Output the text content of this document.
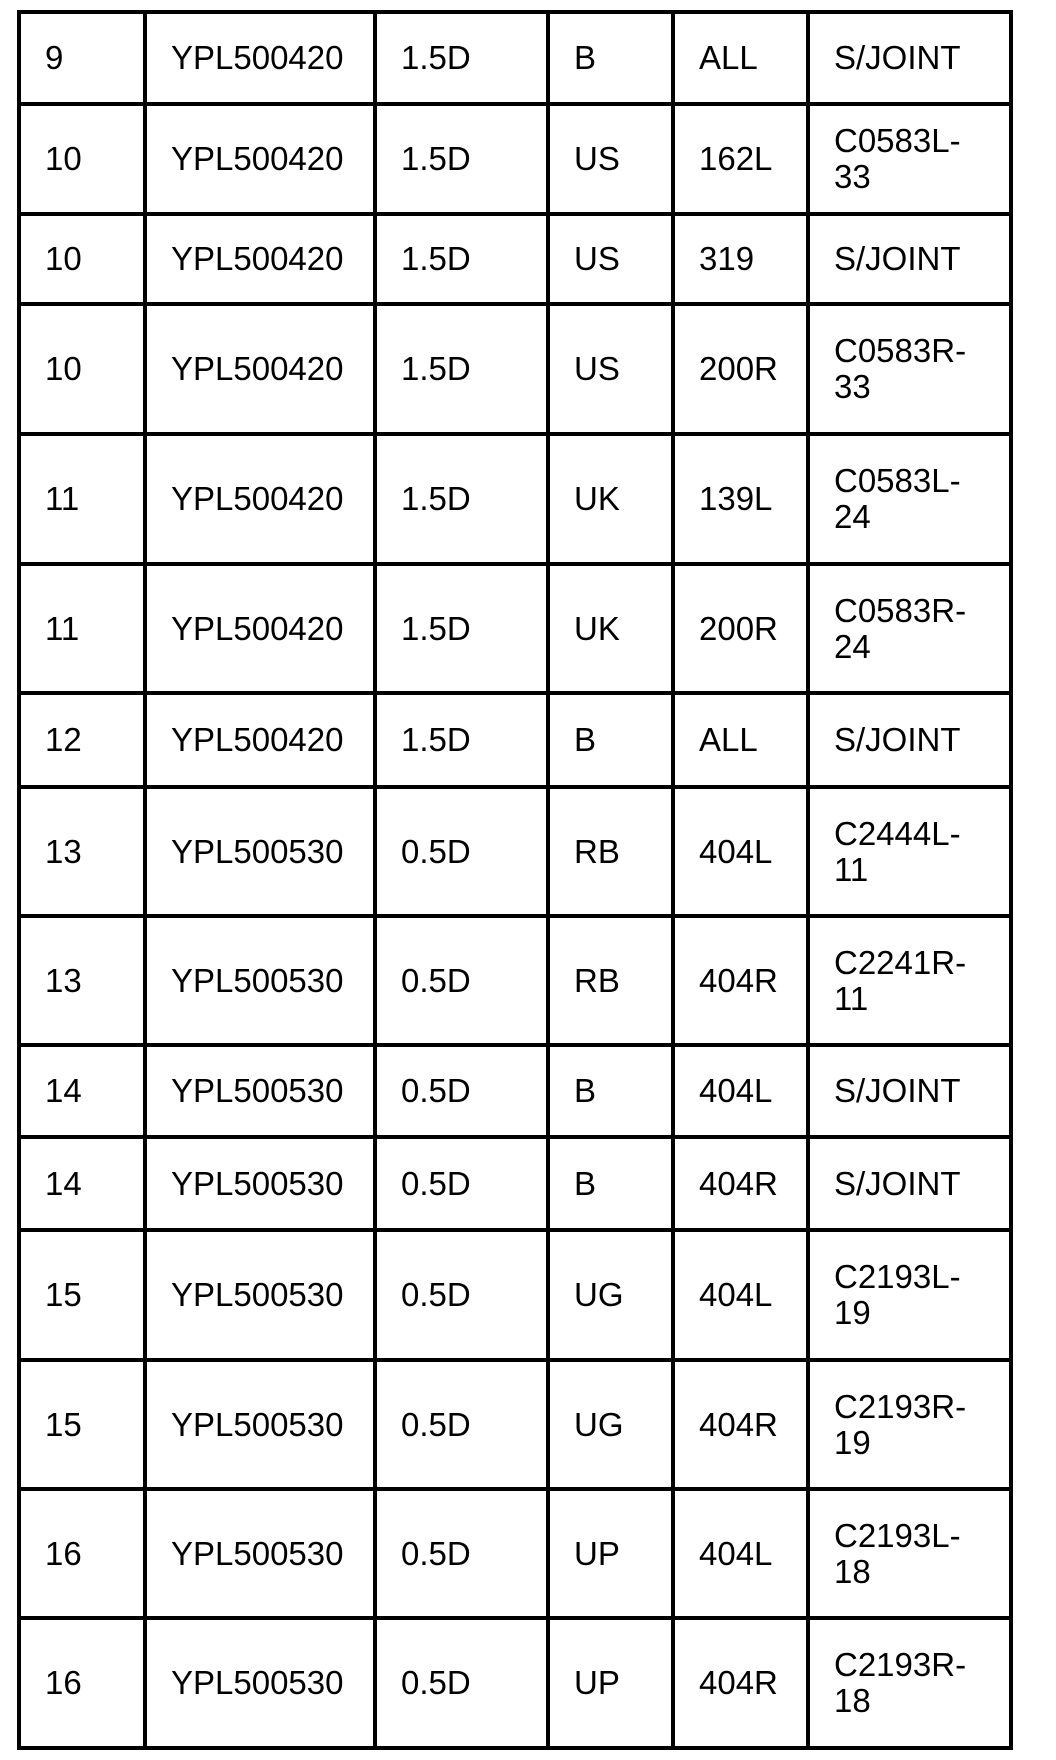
9	YPL500420	1.5D	B	ALL	S/JOINT
10	YPL500420	1.5D	US	162L	C0583L-
33
10	YPL500420	1.5D	US	319	S/JOINT
10	YPL500420	1.5D	US	200R	C0583R-
33
11	YPL500420	1.5D	UK	139L	C0583L-
24
11	YPL500420	1.5D	UK	200R	C0583R-
24
12	YPL500420	1.5D	B	ALL	S/JOINT
13	YPL500530	0.5D	RB	404L	C2444L-
11
13	YPL500530	0.5D	RB	404R	C2241R-
11
14	YPL500530	0.5D	B	404L	S/JOINT
14	YPL500530	0.5D	B	404R	S/JOINT
15	YPL500530	0.5D	UG	404L	C2193L-
19
15	YPL500530	0.5D	UG	404R	C2193R-
19
16	YPL500530	0.5D	UP	404L	C2193L-
18
16	YPL500530	0.5D	UP	404R	C2193R-
18
